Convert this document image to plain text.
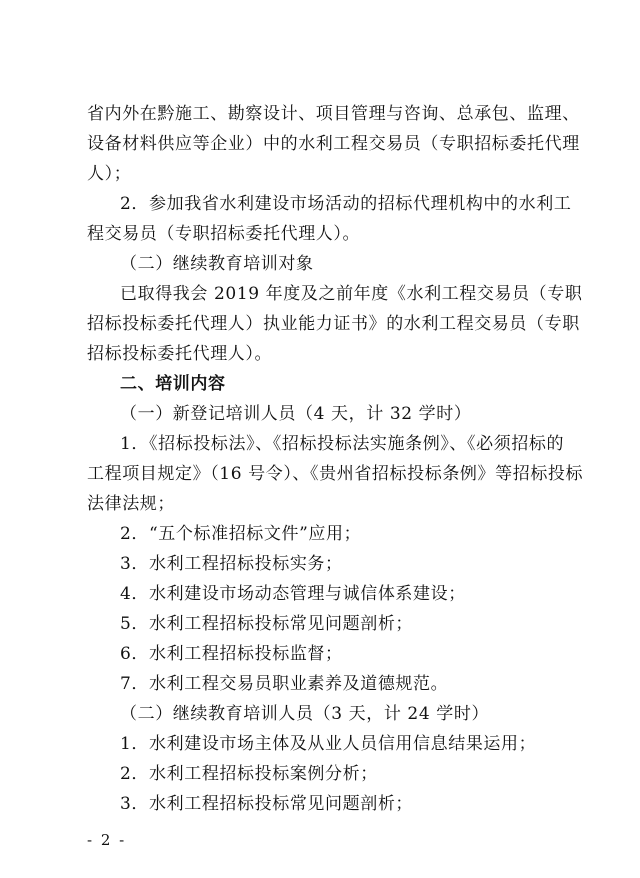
省内外在黔施工、勘察设计、项目管理与咨询、总承包、监理、
设备材料供应等企业）中的水利工程交易员（专职招标委托代理
人）；
2．参加我省水利建设市场活动的招标代理机构中的水利工
程交易员（专职招标委托代理人）。
（二）继续教育培训对象
已取得我会 2019 年度及之前年度《水利工程交易员（专职
招标投标委托代理人）执业能力证书》的水利工程交易员（专职
招标投标委托代理人）。
二、培训内容
（一）新登记培训人员（4 天，计 32 学时）
1．《招标投标法》、《招标投标法实施条例》、《必须招标的
工程项目规定》（16 号令）、《贵州省招标投标条例》等招标投标
法律法规；
2．“五个标准招标文件”应用；
3．水利工程招标投标实务；
4．水利建设市场动态管理与诚信体系建设；
5．水利工程招标投标常见问题剖析；
6．水利工程招标投标监督；
7．水利工程交易员职业素养及道德规范。
（二）继续教育培训人员（3 天，计 24 学时）
1．水利建设市场主体及从业人员信用信息结果运用；
2．水利工程招标投标案例分析；
3．水利工程招标投标常见问题剖析；
- 2 -
